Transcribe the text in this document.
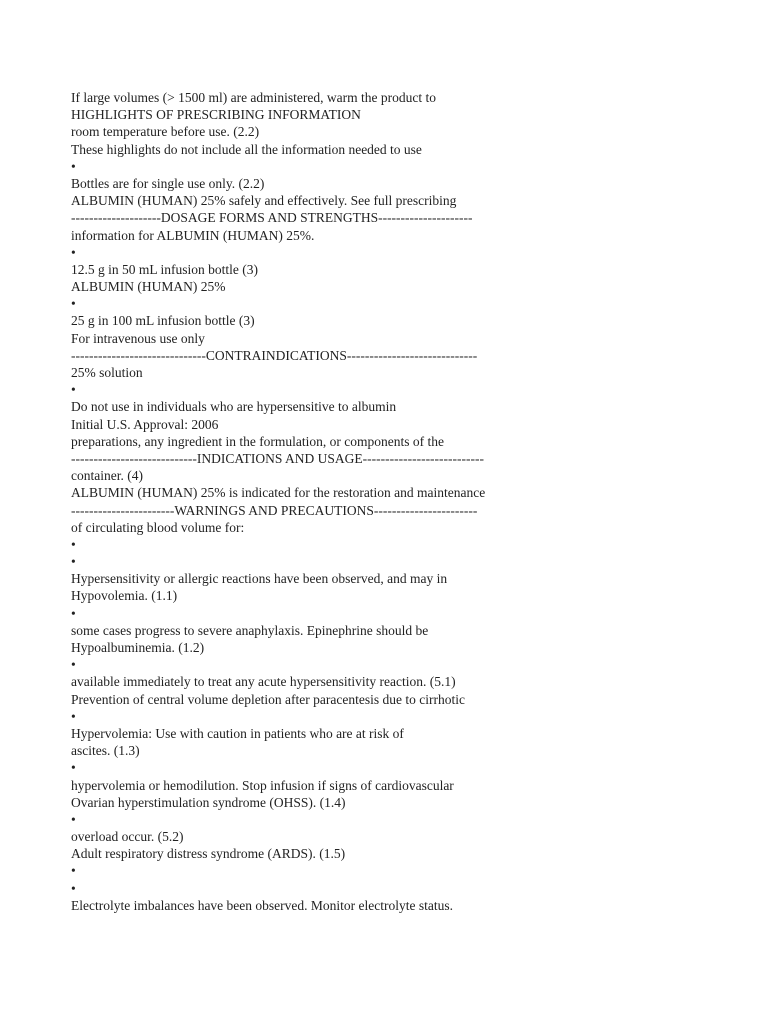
If large volumes (> 1500 ml) are administered, warm the product to
HIGHLIGHTS OF PRESCRIBING INFORMATION
room temperature before use. (2.2)
These highlights do not include all the information needed to use
•
Bottles are for single use only. (2.2)
ALBUMIN (HUMAN) 25% safely and effectively. See full prescribing
--------------------DOSAGE FORMS AND STRENGTHS---------------------
information for ALBUMIN (HUMAN) 25%.
•
12.5 g in 50 mL infusion bottle (3)
ALBUMIN (HUMAN) 25%
•
25 g in 100 mL infusion bottle (3)
For intravenous use only
------------------------------CONTRAINDICATIONS-----------------------------
25% solution
•
Do not use in individuals who are hypersensitive to albumin
Initial U.S. Approval: 2006
preparations, any ingredient in the formulation, or components of the
----------------------------INDICATIONS AND USAGE---------------------------
container. (4)
ALBUMIN (HUMAN) 25% is indicated for the restoration and maintenance
-----------------------WARNINGS AND PRECAUTIONS-----------------------
of circulating blood volume for:
•
•
Hypersensitivity or allergic reactions have been observed, and may in
Hypovolemia. (1.1)
•
some cases progress to severe anaphylaxis. Epinephrine should be
Hypoalbuminemia. (1.2)
•
available immediately to treat any acute hypersensitivity reaction. (5.1)
Prevention of central volume depletion after paracentesis due to cirrhotic
•
Hypervolemia: Use with caution in patients who are at risk of
ascites. (1.3)
•
hypervolemia or hemodilution. Stop infusion if signs of cardiovascular
Ovarian hyperstimulation syndrome (OHSS). (1.4)
•
overload occur. (5.2)
Adult respiratory distress syndrome (ARDS). (1.5)
•
•
Electrolyte imbalances have been observed. Monitor electrolyte status.
